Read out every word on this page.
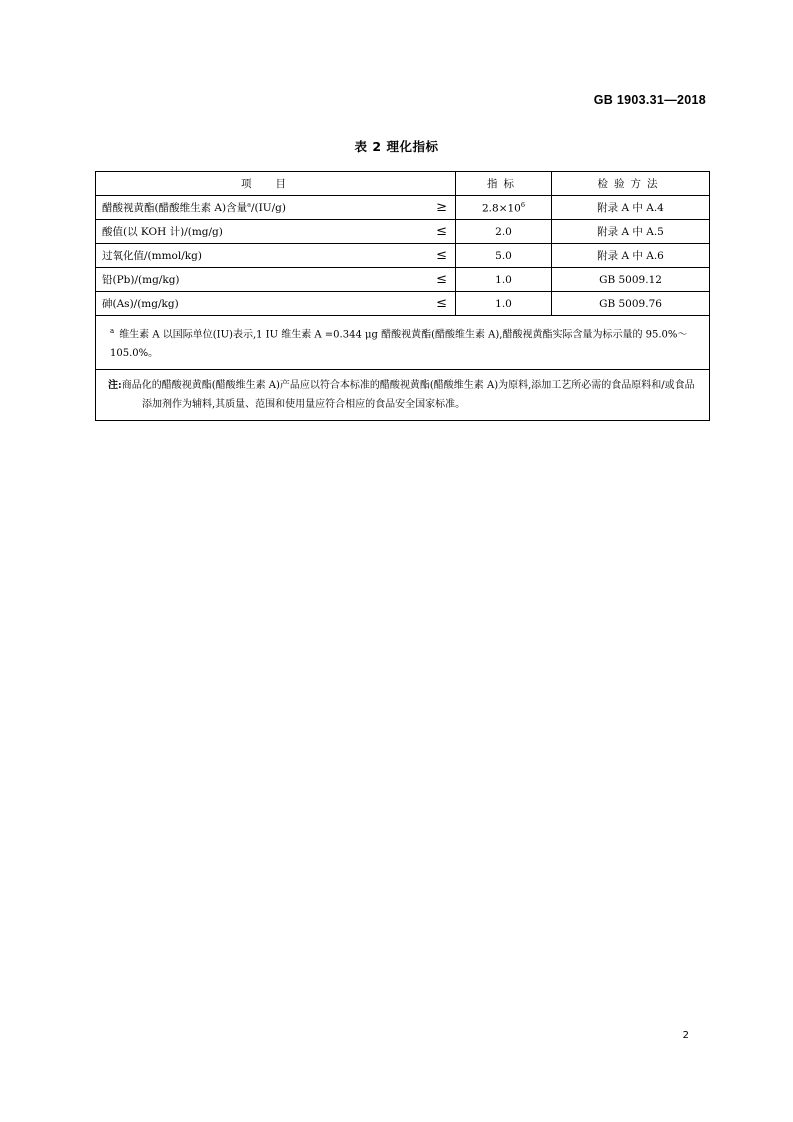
GB 1903.31—2018
表 2 理化指标
项目		指标	检验方法
醋酸视黄酯(醋酸维生素 A)含量$^a$/(IU/g)	≥	$2.8\times 10^6$	附录 A 中 A.4
酸值(以 KOH 计)/(mg/g)	≤	2.0	附录 A 中 A.5
过氧化值/(mmol/kg)	≤	5.0	附录 A 中 A.6
铅(Pb)/(mg/kg)	≤	1.0	GB 5009.12
砷(As)/(mg/kg)	≤	1.0	GB 5009.76
$^a$ 维生素 A 以国际单位(IU)表示,1 IU 维生素 A =0.344 μg 醋酸视黄酯(醋酸维生素 A),醋酸视黄酯实际含量为标示量的 95.0%～105.0%。			
注:商品化的醋酸视黄酯(醋酸维生素 A)产品应以符合本标准的醋酸视黄酯(醋酸维生素 A)为原料,添加工艺所必需的食品原料和/或食品添加剂作为辅料,其质量、范围和使用量应符合相应的食品安全国家标准。			
2
